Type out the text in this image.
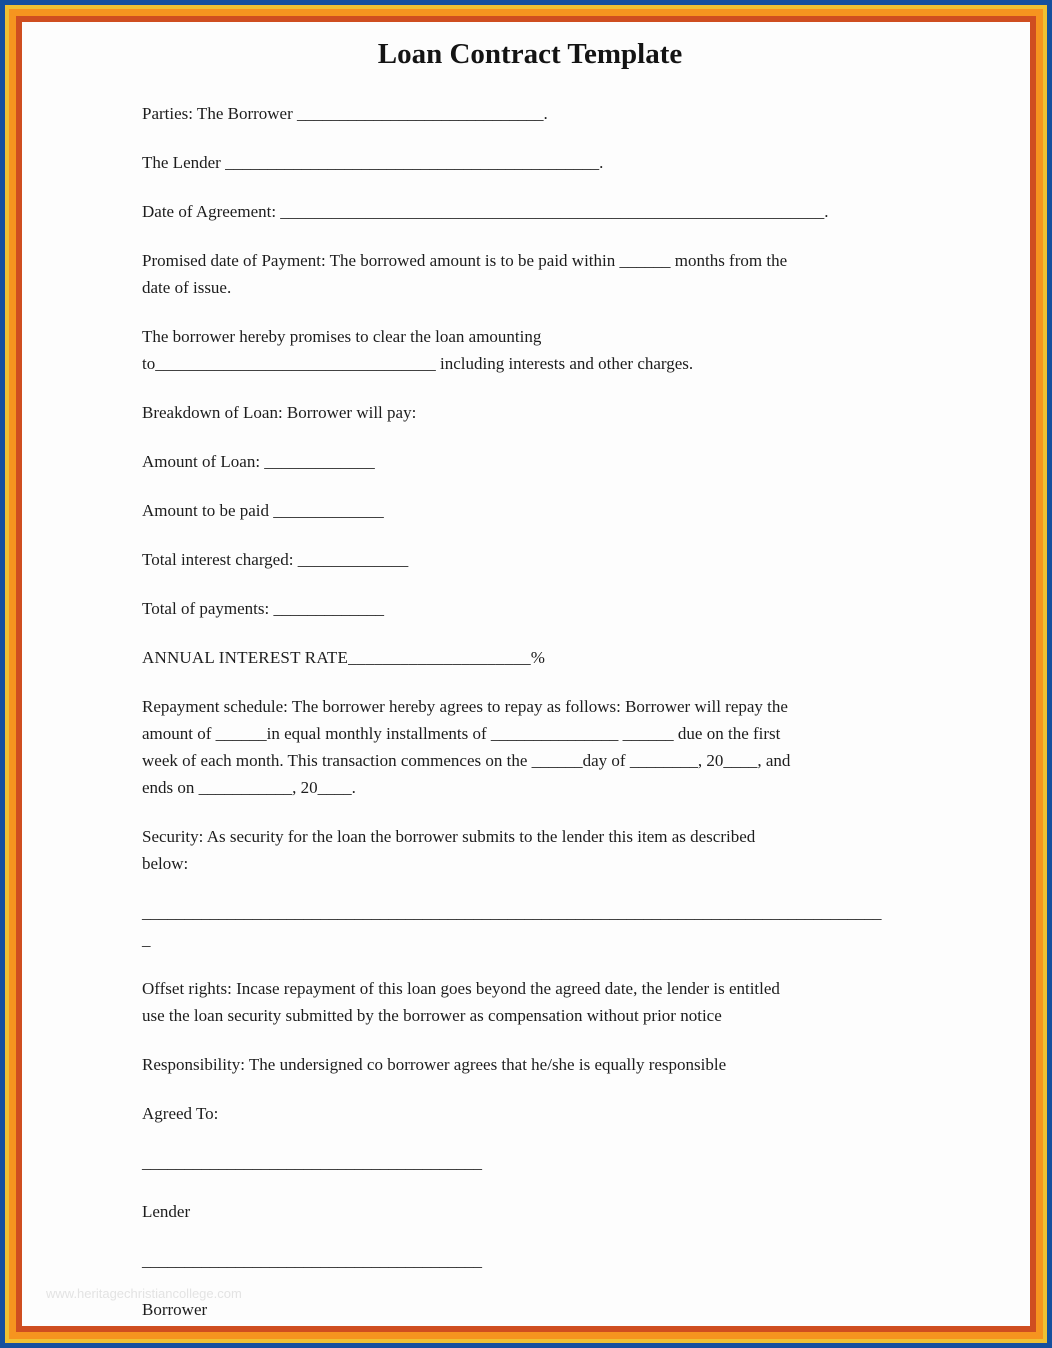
www.heritagechristiancollege.com
Loan Contract Template
Parties: The Borrower _____________________________.
The Lender ____________________________________________.
Date of Agreement: ________________________________________________________________.
Promised date of Payment: The borrowed amount is to be paid within ______ months from the
date of issue.
The borrower hereby promises to clear the loan amounting
to_________________________________ including interests and other charges.
Breakdown of Loan: Borrower will pay:
Amount of Loan: _____________
Amount to be paid _____________
Total interest charged: _____________
Total of payments: _____________
ANNUAL INTEREST RATE_____________________%
Repayment schedule: The borrower hereby agrees to repay as follows: Borrower will repay the
amount of ______in equal monthly installments of _______________ ______ due on the first
week of each month. This transaction commences on the ______day of ________, 20____, and
ends on ___________, 20____.
Security: As security for the loan the borrower submits to the lender this item as described
below:
_______________________________________________________________________________________
_
Offset rights: Incase repayment of this loan goes beyond the agreed date, the lender is entitled
use the loan security submitted by the borrower as compensation without prior notice
Responsibility: The undersigned co borrower agrees that he/she is equally responsible
Agreed To:
________________________________________
Lender
________________________________________
Borrower
